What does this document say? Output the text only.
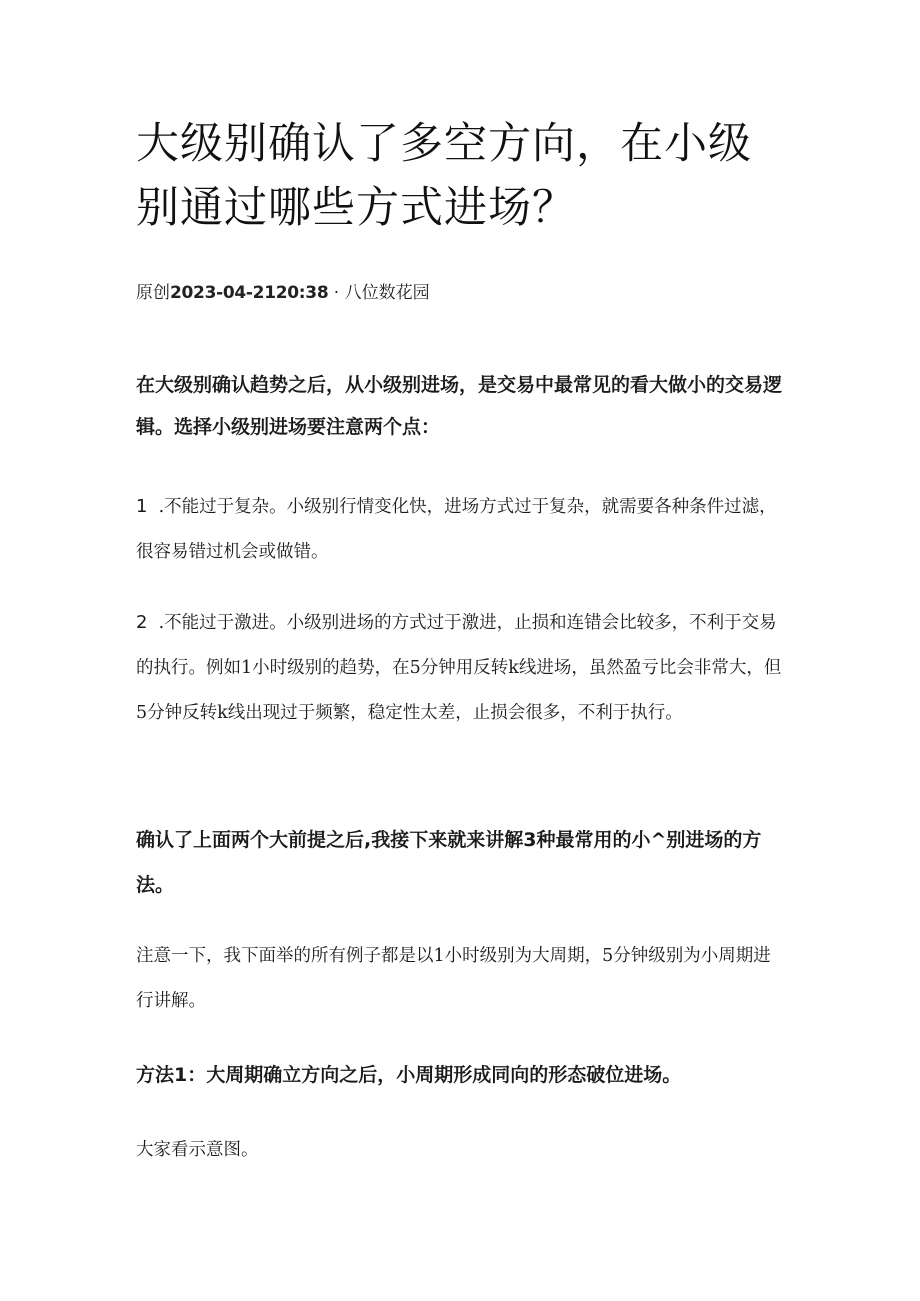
大级别确认了多空方向，在小级别通过哪些方式进场？

原创2023-04-2120:38 · 八位数花园

在大级别确认趋势之后，从小级别进场，是交易中最常见的看大做小的交易逻辑。选择小级别进场要注意两个点：

1 .不能过于复杂。小级别行情变化快，进场方式过于复杂，就需要各种条件过滤，很容易错过机会或做错。

2 .不能过于激进。小级别进场的方式过于激进，止损和连错会比较多，不利于交易的执行。例如1小时级别的趋势，在5分钟用反转k线进场，虽然盈亏比会非常大，但5分钟反转k线出现过于频繁，稳定性太差，止损会很多，不利于执行。

确认了上面两个大前提之后,我接下来就来讲解3种最常用的小^别进场的方法。

注意一下，我下面举的所有例子都是以1小时级别为大周期，5分钟级别为小周期进行讲解。

方法1：大周期确立方向之后，小周期形成同向的形态破位进场。

大家看示意图。
